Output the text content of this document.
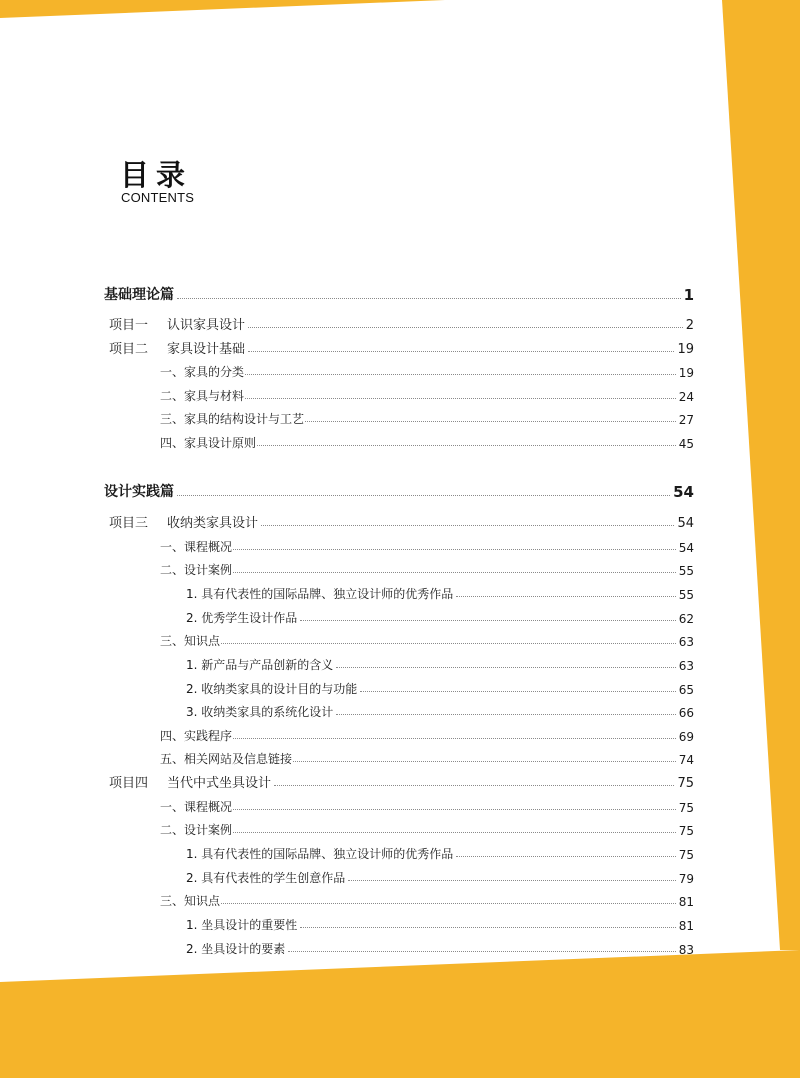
目录
CONTENTS
基础理论篇	1
项目一 认识家具设计	2
项目二 家具设计基础	19
一、家具的分类	19
二、家具与材料	24
三、家具的结构设计与工艺	27
四、家具设计原则	45
设计实践篇	54
项目三 收纳类家具设计	54
一、课程概况	54
二、设计案例	55
1. 具有代表性的国际品牌、独立设计师的优秀作品	55
2. 优秀学生设计作品	62
三、知识点	63
1. 新产品与产品创新的含义	63
2. 收纳类家具的设计目的与功能	65
3. 收纳类家具的系统化设计	66
四、实践程序	69
五、相关网站及信息链接	74
项目四 当代中式坐具设计	75
一、课程概况	75
二、设计案例	75
1. 具有代表性的国际品牌、独立设计师的优秀作品	75
2. 具有代表性的学生创意作品	79
三、知识点	81
1. 坐具设计的重要性	81
2. 坐具设计的要素	83
